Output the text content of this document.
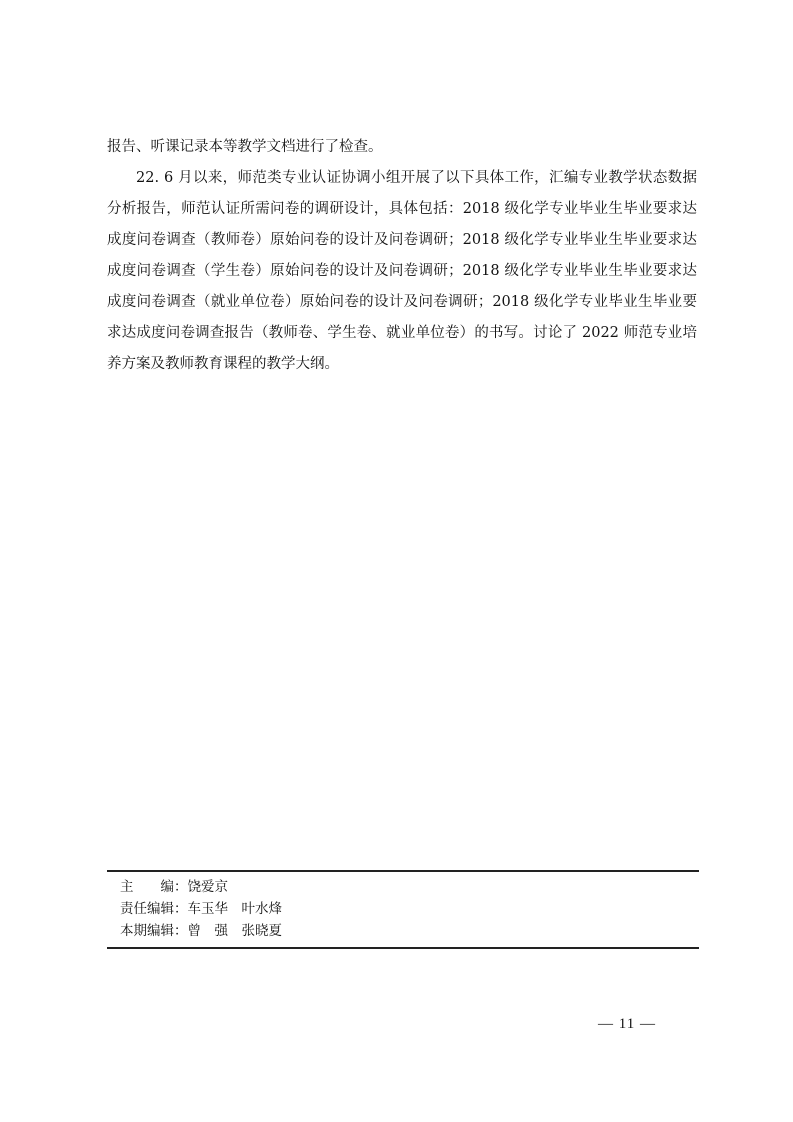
报告、听课记录本等教学文档进行了检查。

22. 6 月以来，师范类专业认证协调小组开展了以下具体工作，汇编专业教学状态数据分析报告，师范认证所需问卷的调研设计，具体包括：2018 级化学专业毕业生毕业要求达成度问卷调查（教师卷）原始问卷的设计及问卷调研；2018 级化学专业毕业生毕业要求达成度问卷调查（学生卷）原始问卷的设计及问卷调研；2018 级化学专业毕业生毕业要求达成度问卷调查（就业单位卷）原始问卷的设计及问卷调研；2018 级化学专业毕业生毕业要求达成度问卷调查报告（教师卷、学生卷、就业单位卷）的书写。讨论了 2022 师范专业培养方案及教师教育课程的教学大纲。

主　　编： 饶爱京
责任编辑： 车玉华　叶水烽
本期编辑： 曾　强　张晓夏
— 11 —
